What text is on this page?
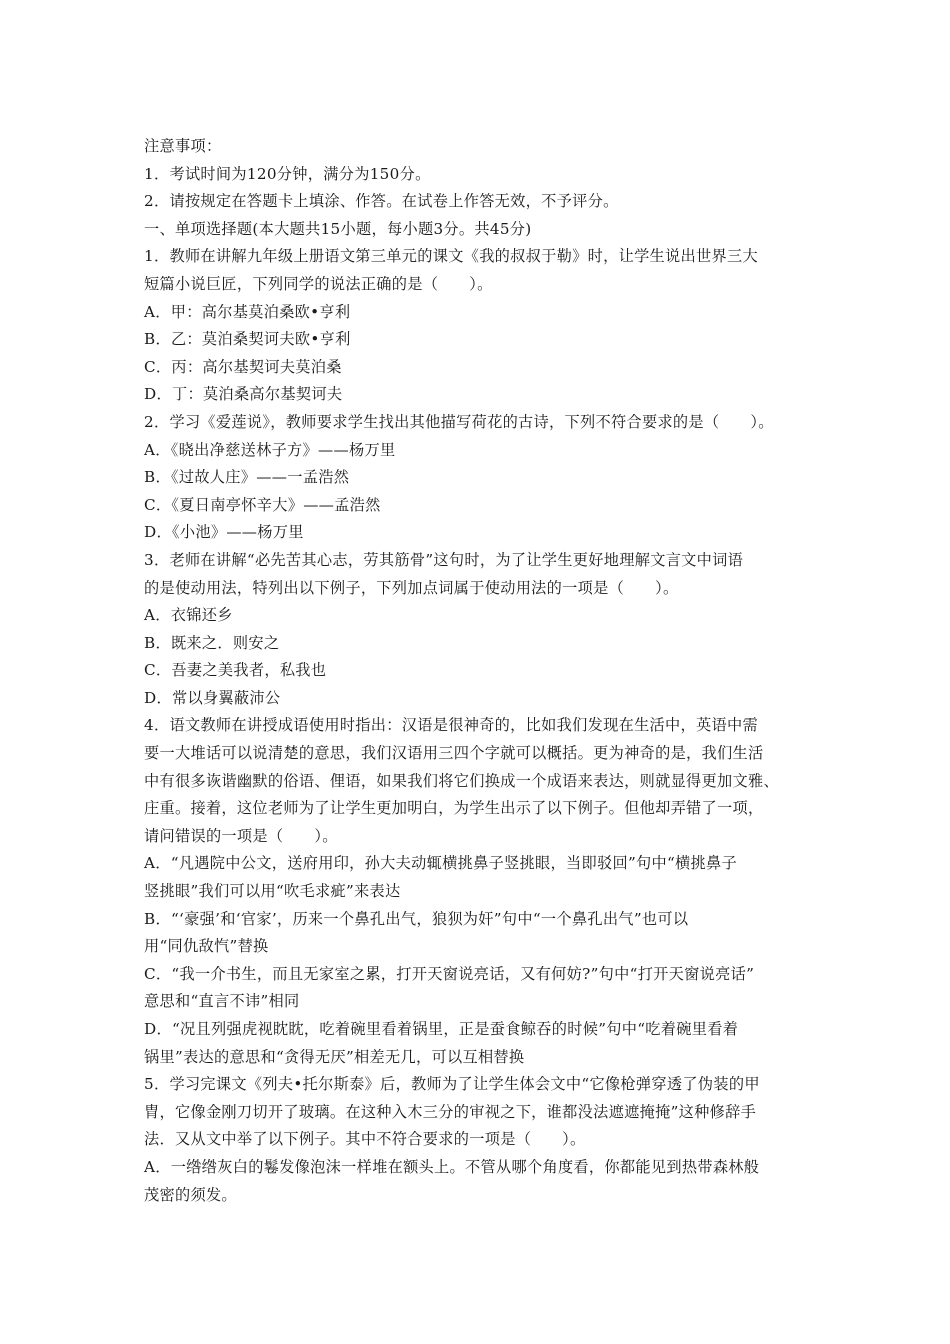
注意事项：
1．考试时间为120分钟，满分为150分。
2．请按规定在答题卡上填涂、作答。在试卷上作答无效，不予评分。
一、单项选择题(本大题共15小题，每小题3分。共45分)
1．教师在讲解九年级上册语文第三单元的课文《我的叔叔于勒》时，让学生说出世界三大
短篇小说巨匠，下列同学的说法正确的是（　　）。
A．甲：高尔基莫泊桑欧•亨利
B．乙：莫泊桑契诃夫欧•亨利
C．丙：高尔基契诃夫莫泊桑
D．丁：莫泊桑高尔基契诃夫
2．学习《爱莲说》，教师要求学生找出其他描写荷花的古诗，下列不符合要求的是（　　）。
A．《晓出净慈送林子方》——杨万里
B．《过故人庄》——一孟浩然
C．《夏日南亭怀辛大》——孟浩然
D．《小池》——杨万里
3．老师在讲解“必先苦其心志，劳其筋骨”这句时，为了让学生更好地理解文言文中词语
的是使动用法，特列出以下例子，下列加点词属于使动用法的一项是（　　）。
A．衣锦还乡
B．既来之．则安之
C．吾妻之美我者，私我也
D．常以身翼蔽沛公
4．语文教师在讲授成语使用时指出：汉语是很神奇的，比如我们发现在生活中，英语中需
要一大堆话可以说清楚的意思，我们汉语用三四个字就可以概括。更为神奇的是，我们生活
中有很多诙谐幽默的俗语、俚语，如果我们将它们换成一个成语来表达，则就显得更加文雅、
庄重。接着，这位老师为了让学生更加明白，为学生出示了以下例子。但他却弄错了一项，
请问错误的一项是（　　）。
A．“凡遇院中公文，送府用印，孙大夫动辄横挑鼻子竖挑眼，当即驳回”句中“横挑鼻子
竖挑眼”我们可以用“吹毛求疵”来表达
B．“‘豪强’和‘官家’，历来一个鼻孔出气，狼狈为奸”句中“一个鼻孔出气”也可以
用“同仇敌忾”替换
C．“我一介书生，而且无家室之累，打开天窗说亮话，又有何妨?”句中“打开天窗说亮话”
意思和“直言不讳”相同
D．“况且列强虎视眈眈，吃着碗里看着锅里，正是蚕食鲸吞的时候”句中“吃着碗里看着
锅里”表达的意思和“贪得无厌”相差无几，可以互相替换
5．学习完课文《列夫•托尔斯泰》后，教师为了让学生体会文中“它像枪弹穿透了伪装的甲
胄，它像金刚刀切开了玻璃。在这种入木三分的审视之下，谁都没法遮遮掩掩”这种修辞手
法．又从文中举了以下例子。其中不符合要求的一项是（　　）。
A．一绺绺灰白的鬈发像泡沫一样堆在额头上。不管从哪个角度看，你都能见到热带森林般
茂密的须发。
